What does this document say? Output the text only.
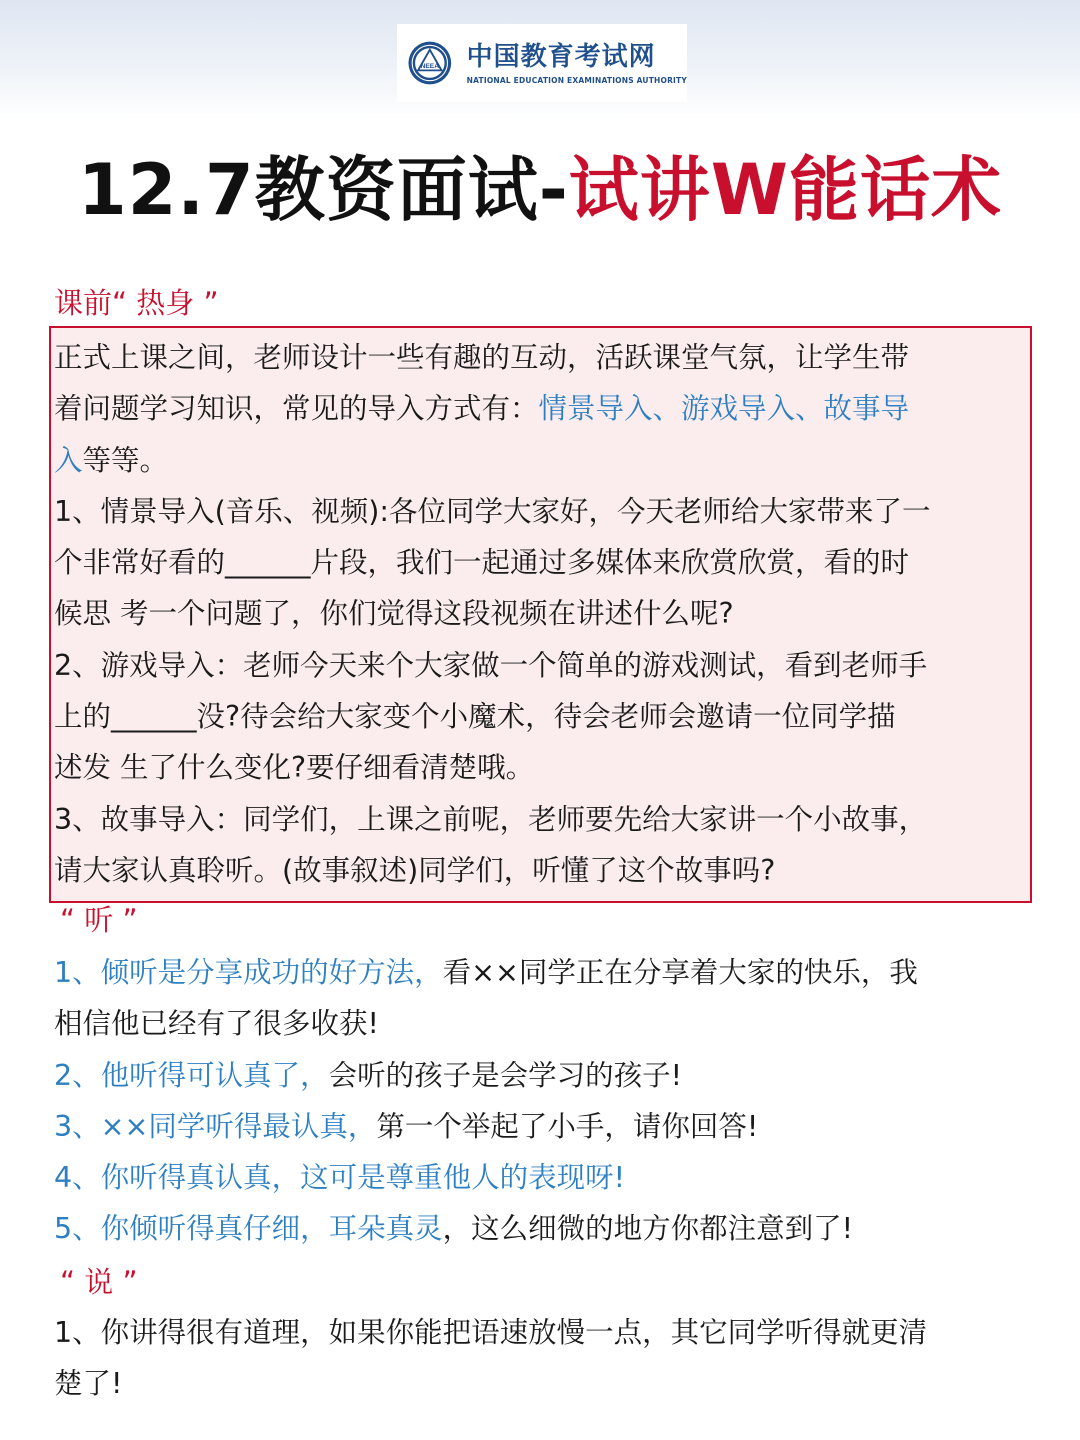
NEEA 中国教育考试网
NATIONAL EDUCATION EXAMINATIONS AUTHORITY
12.7教资面试-试讲W能话术
课前“ 热身 ”
正式上课之间，老师设计一些有趣的互动，活跃课堂气氛，让学生带
着问题学习知识，常见的导入方式有：情景导入、游戏导入、故事导
入等等。
1、情景导入(音乐、视频):各位同学大家好，今天老师给大家带来了一
个非常好看的______片段，我们一起通过多媒体来欣赏欣赏，看的时
候思 考一个问题了，你们觉得这段视频在讲述什么呢?
2、游戏导入：老师今天来个大家做一个简单的游戏测试，看到老师手
上的______没?待会给大家变个小魔术，待会老师会邀请一位同学描
述发 生了什么变化?要仔细看清楚哦。
3、故事导入：同学们，上课之前呢，老师要先给大家讲一个小故事，
请大家认真聆听。(故事叙述)同学们，听懂了这个故事吗?
“ 听 ”
1、倾听是分享成功的好方法，看××同学正在分享着大家的快乐，我
相信他已经有了很多收获!
2、他听得可认真了，会听的孩子是会学习的孩子!
3、××同学听得最认真，第一个举起了小手，请你回答!
4、你听得真认真，这可是尊重他人的表现呀!
5、你倾听得真仔细，耳朵真灵，这么细微的地方你都注意到了!
“ 说 ”
1、你讲得很有道理，如果你能把语速放慢一点，其它同学听得就更清
楚了!
